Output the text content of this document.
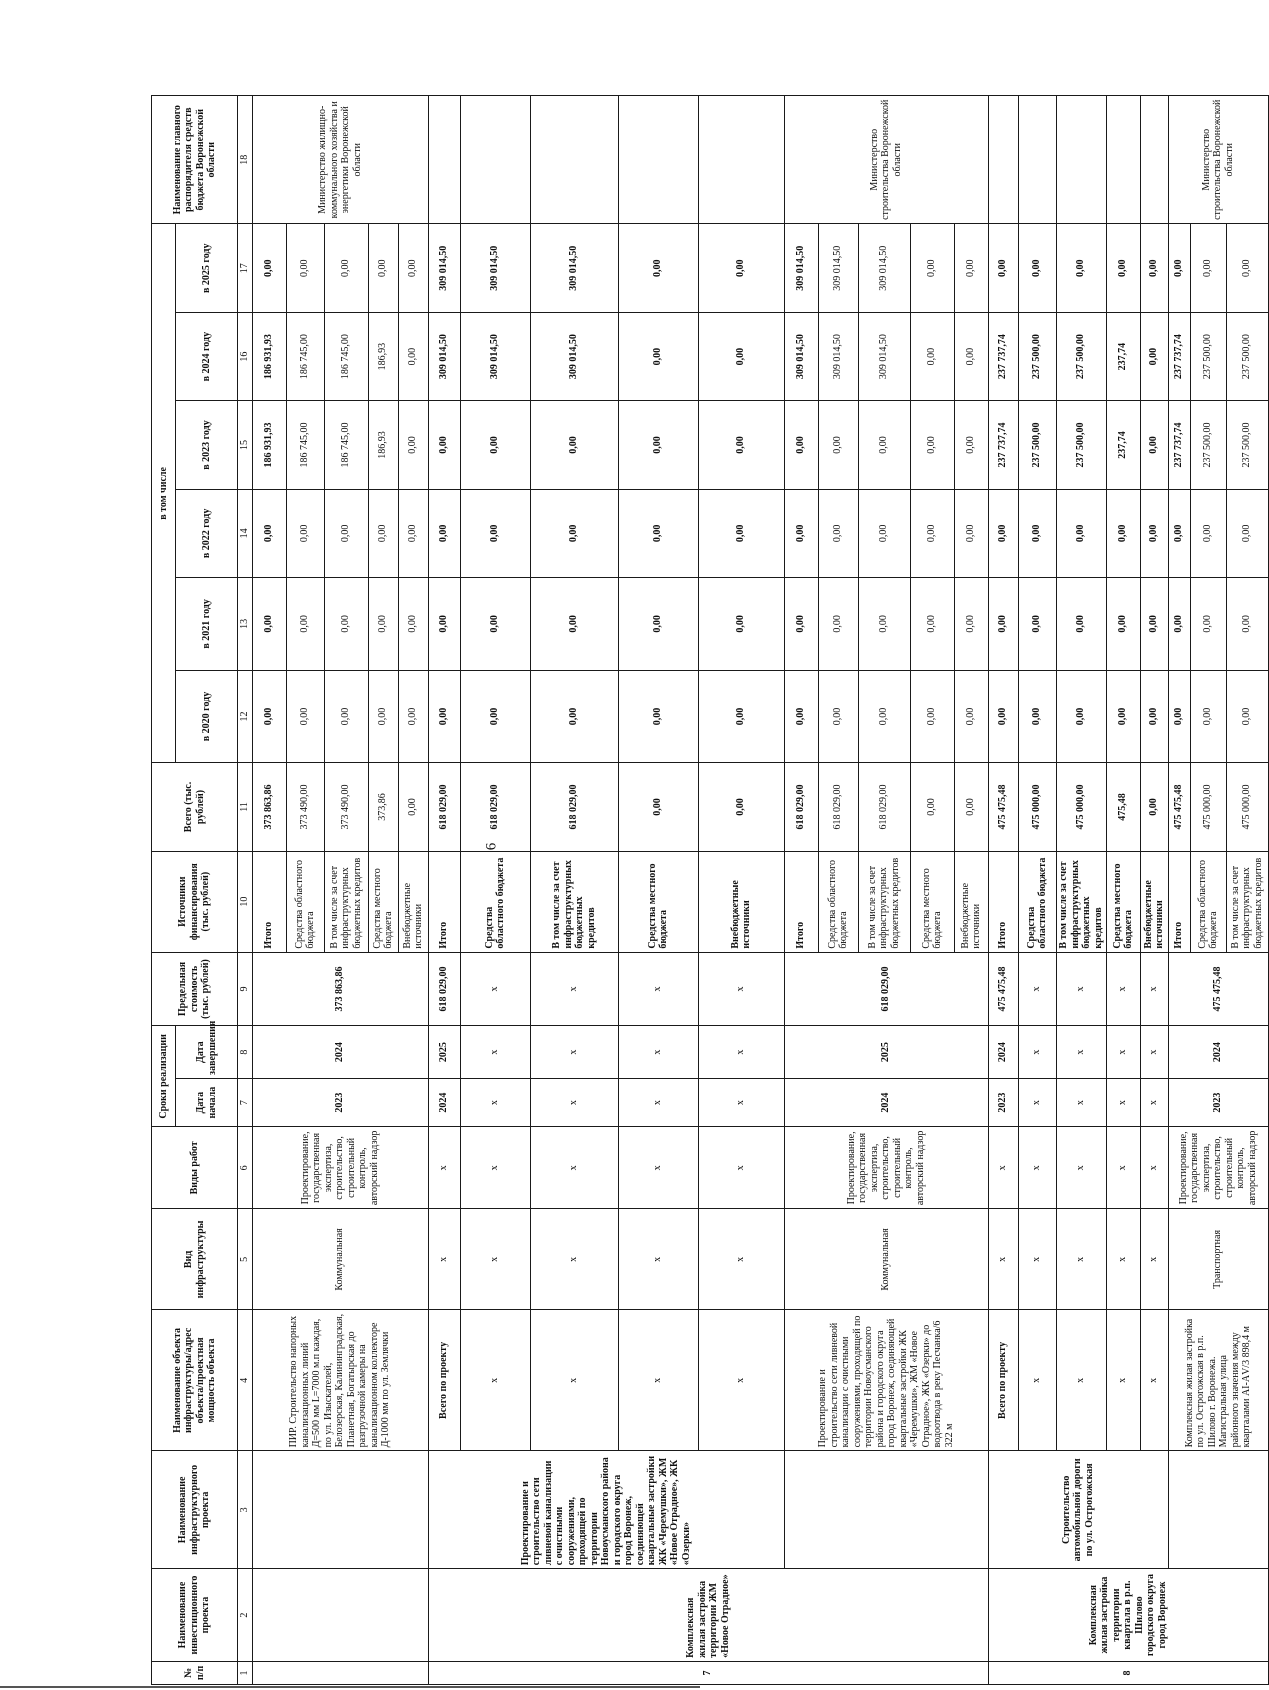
6
№ п/п	Наименование инвестиционного проекта	Наименование инфраструктурного проекта	Наименование объекта инфраструктуры/адрес объекта/проектная мощность объекта	Вид инфраструктуры	Виды работ	Сроки реализации		Предельная стоимость (тыс. рублей)	Источники финансирования (тыс. рублей)	Всего (тыс. рублей)	в том числе						Наименование главного распорядителя средств бюджета Воронежской области
						Дата начала	Дата завершения				в 2020 году	в 2021 году	в 2022 году	в 2023 году	в 2024 году	в 2025 году	
1	2	3	4	5	6	7	8	9	10	11	12	13	14	15	16	17	18
			ПИР. Строительство напорных канализационных линий Д=500 мм L=7000 м.п каждая, по ул. Изыскателей, Белозерская, Калининградская, Планетная, Богатырская до разгрузочной камеры на канализационном коллекторе Д-1000 мм по ул. Землячки	Коммунальная	Проектирование, государственная экспертиза, строительство, строительный контроль, авторский надзор	2023	2024	373 863,86	Итого	373 863,86	0,00	0,00	0,00	186 931,93	186 931,93	0,00	Министерство жилищно-коммунального хозяйства и энергетики Воронежской области
									Средства областного бюджета	373 490,00	0,00	0,00	0,00	186 745,00	186 745,00	0,00	
									В том числе за счет инфраструктурных бюджетных кредитов	373 490,00	0,00	0,00	0,00	186 745,00	186 745,00	0,00	
									Средства местного бюджета	373,86	0,00	0,00	0,00	186,93	186,93	0,00	
									Внебюджетные источники	0,00	0,00	0,00	0,00	0,00	0,00	0,00	
7	Комплексная жилая застройка территории ЖМ «Новое Отрадное»	Проектирование и строительство сети ливневой канализации с очистными сооружениями, проходящей по территории Новоусманского района и городского округа город Воронеж, соединяющей квартальные застройки ЖК «Черемушки», ЖМ «Новое Отрадное», ЖК «Озерки»	Всего по проекту	х	х	2024	2025	618 029,00	Итого	618 029,00	0,00	0,00	0,00	0,00	309 014,50	309 014,50	
			х	х	х	х	х	х	Средства областного бюджета	618 029,00	0,00	0,00	0,00	0,00	309 014,50	309 014,50	
			х	х	х	х	х	х	В том числе за счет инфраструктурных бюджетных кредитов	618 029,00	0,00	0,00	0,00	0,00	309 014,50	309 014,50	
			х	х	х	х	х	х	Средства местного бюджета	0,00	0,00	0,00	0,00	0,00	0,00	0,00	
			х	х	х	х	х	х	Внебюджетные источники	0,00	0,00	0,00	0,00	0,00	0,00	0,00	
			Проектирование и строительство сети ливневой канализации с очистными сооружениями, проходящей по территории Новоусманского района и городского округа город Воронеж, соединяющей квартальные застройки ЖК «Черемушки», ЖМ «Новое Отрадное», ЖК «Озерки» до водоотвода в реку Песчанка/6 322 м	Коммунальная	Проектирование, государственная экспертиза, строительство, строительный контроль, авторский надзор	2024	2025	618 029,00	Итого	618 029,00	0,00	0,00	0,00	0,00	309 014,50	309 014,50	Министерство строительства Воронежской области
									Средства областного бюджета	618 029,00	0,00	0,00	0,00	0,00	309 014,50	309 014,50	
									В том числе за счет инфраструктурных бюджетных кредитов	618 029,00	0,00	0,00	0,00	0,00	309 014,50	309 014,50	
									Средства местного бюджета	0,00	0,00	0,00	0,00	0,00	0,00	0,00	
									Внебюджетные источники	0,00	0,00	0,00	0,00	0,00	0,00	0,00	
8	Комплексная жилая застройка территории квартала в р.п. Шилово городского округа город Воронеж	Строительство автомобильной дороги по ул. Острогожская	Всего по проекту	х	х	2023	2024	475 475,48	Итого	475 475,48	0,00	0,00	0,00	237 737,74	237 737,74	0,00	
			х	х	х	х	х	х	Средства областного бюджета	475 000,00	0,00	0,00	0,00	237 500,00	237 500,00	0,00	
			х	х	х	х	х	х	В том числе за счет инфраструктурных бюджетных кредитов	475 000,00	0,00	0,00	0,00	237 500,00	237 500,00	0,00	
			х	х	х	х	х	х	Средства местного бюджета	475,48	0,00	0,00	0,00	237,74	237,74	0,00	
			х	х	х	х	х	х	Внебюджетные источники	0,00	0,00	0,00	0,00	0,00	0,00	0,00	
			Комплексная жилая застройка по ул. Острогожская в р.п. Шилово г. Воронежа. Магистральная улица районного значения между кварталами АI-АV/3 898,4 м	Транспортная	Проектирование, государственная экспертиза, строительство, строительный контроль, авторский надзор	2023	2024	475 475,48	Итого	475 475,48	0,00	0,00	0,00	237 737,74	237 737,74	0,00	Министерство строительства Воронежской области
									Средства областного бюджета	475 000,00	0,00	0,00	0,00	237 500,00	237 500,00	0,00	
									В том числе за счет инфраструктурных бюджетных кредитов	475 000,00	0,00	0,00	0,00	237 500,00	237 500,00	0,00	
